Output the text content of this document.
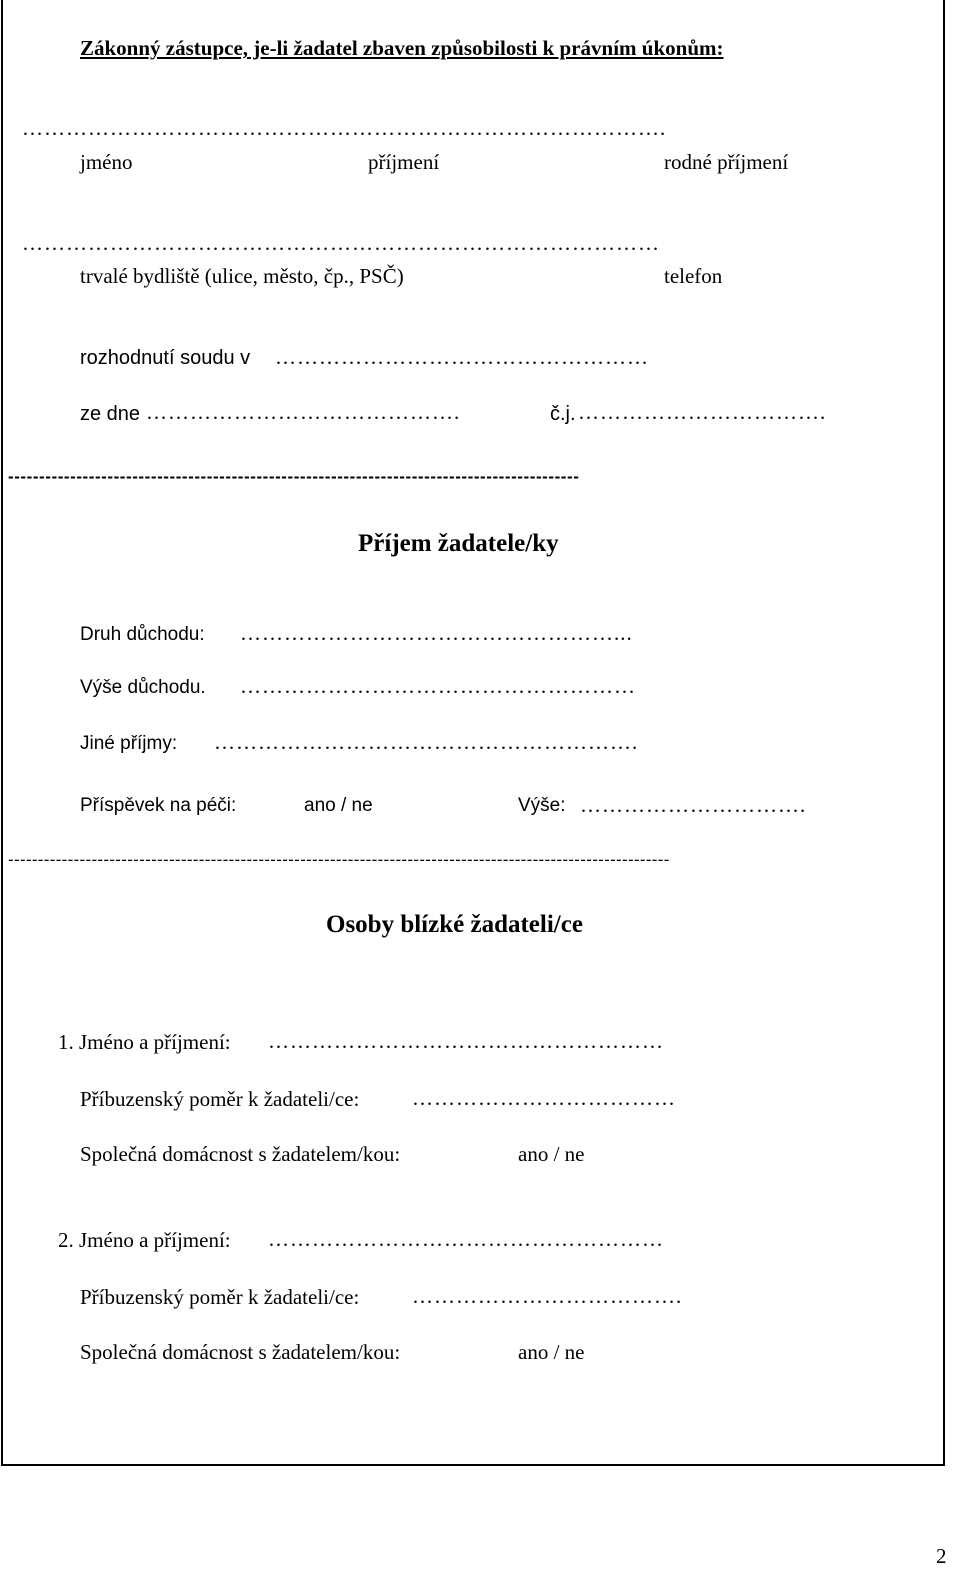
Zákonný zástupce, je-li žadatel zbaven způsobilosti k právním úkonům:
…………………………………………………………………………….
jméno	příjmení	rodné příjmení
……………………………………………………………………………
trvalé bydliště (ulice, město, čp., PSČ)	telefon
rozhodnutí soudu v ……………………………………………
ze dne …………………………………….	č.j. …………………………….
--------------------------------------------------------------------------------------------
Příjem žadatele/ky
Druh důchodu: ……………………………………………...
Výše důchodu. ………………………………………………
Jiné příjmy: ………………………………………………….
Příspěvek na péči:	ano / ne	Výše: ………………………….
---------------------------------------------------------------------------------------------------------------
Osoby blízké žadateli/ce
1. Jméno a příjmení: ………………………………………………
Příbuzenský poměr k žadateli/ce:	………………………………
Společná domácnost s žadatelem/kou:	ano / ne
2. Jméno a příjmení: ………………………………………………
Příbuzenský poměr k žadateli/ce:	……………………………….
Společná domácnost s žadatelem/kou:	ano / ne
2
